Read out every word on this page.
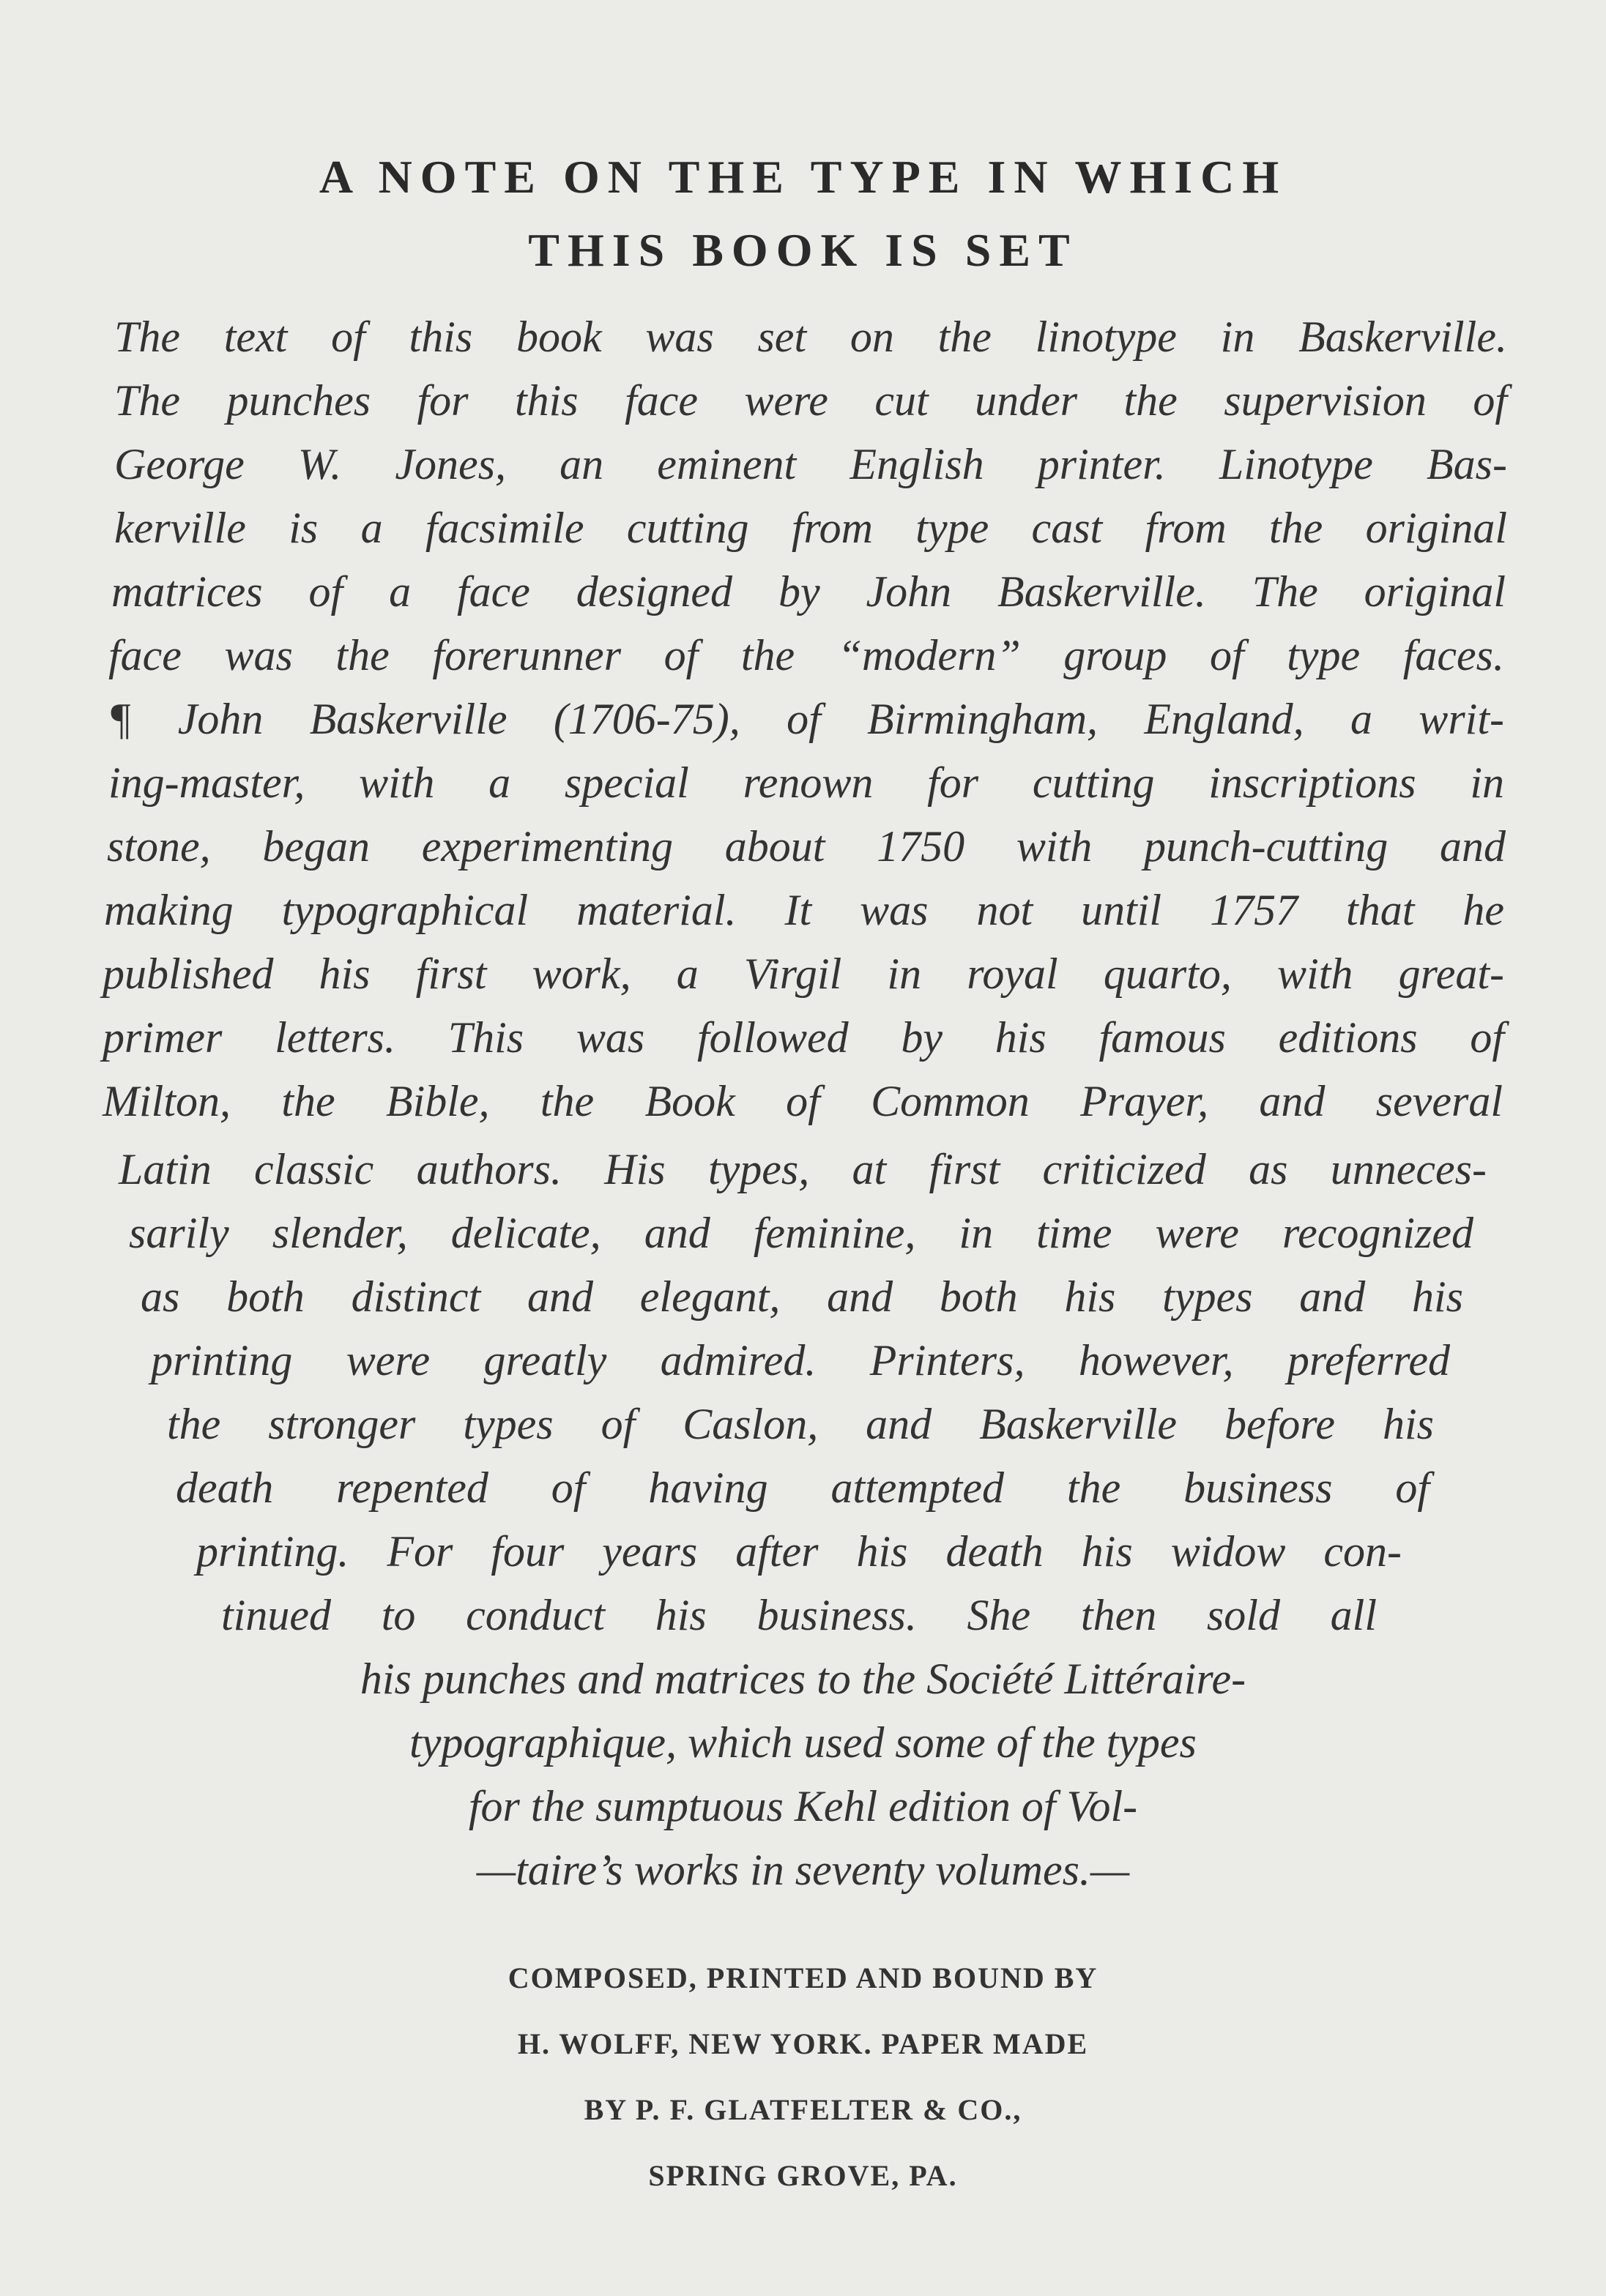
A NOTE ON THE TYPE IN WHICH
THIS BOOK IS SET
The text of this book was set on the linotype in Baskerville.
The punches for this face were cut under the supervision of
George W. Jones, an eminent English printer. Linotype Bas-
kerville is a facsimile cutting from type cast from the original
matrices of a face designed by John Baskerville. The original
face was the forerunner of the “modern” group of type faces.
¶ John Baskerville (1706-75), of Birmingham, England, a writ-
ing-master, with a special renown for cutting inscriptions in
stone, began experimenting about 1750 with punch-cutting and
making typographical material. It was not until 1757 that he
published his first work, a Virgil in royal quarto, with great-
primer letters. This was followed by his famous editions of
Milton, the Bible, the Book of Common Prayer, and several
Latin classic authors. His types, at first criticized as unneces-
sarily slender, delicate, and feminine, in time were recognized
as both distinct and elegant, and both his types and his
printing were greatly admired. Printers, however, preferred
the stronger types of Caslon, and Baskerville before his
death repented of having attempted the business of
printing. For four years after his death his widow con-
tinued to conduct his business. She then sold all
his punches and matrices to the Société Littéraire-
typographique, which used some of the types
for the sumptuous Kehl edition of Vol-
—taire’s works in seventy volumes.—
COMPOSED, PRINTED AND BOUND BY
H. WOLFF, NEW YORK. PAPER MADE
BY P. F. GLATFELTER & CO.,
SPRING GROVE, PA.
